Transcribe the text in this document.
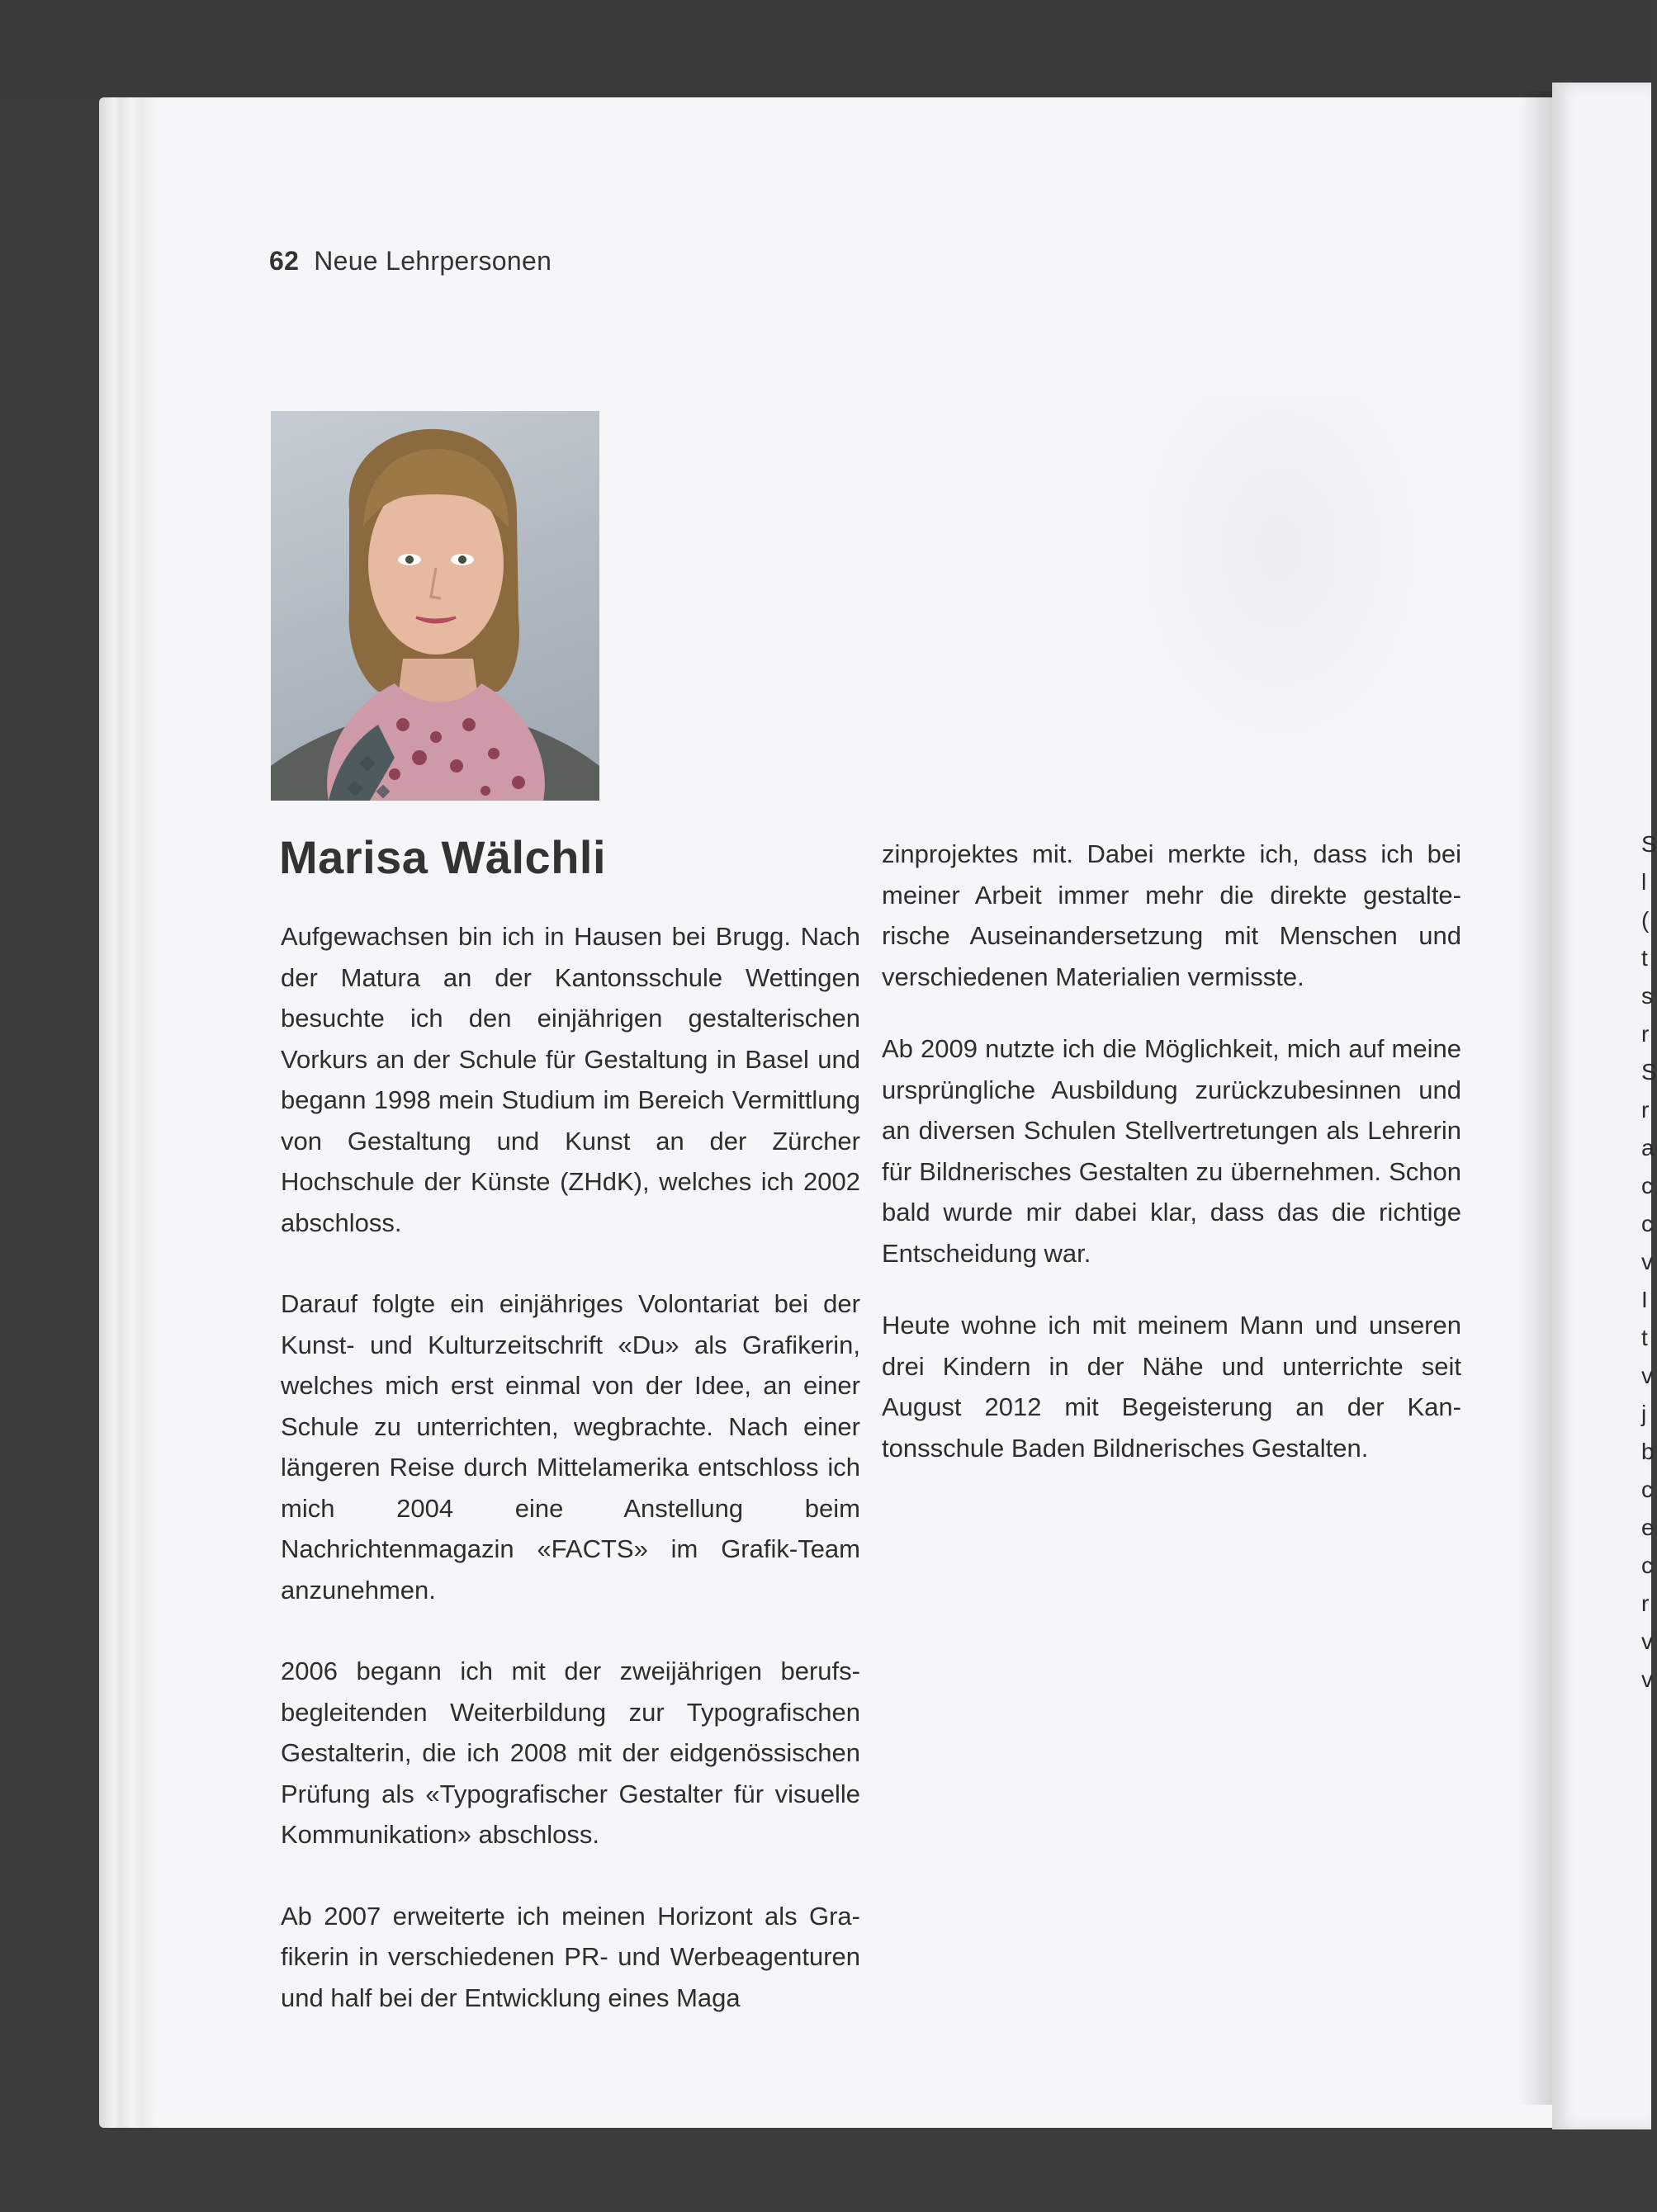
S
l
(
t
s
r
S
r
a
c
c
v
I
t
v
j
b
c
e
c
r
v
v
62 Neue Lehrpersonen
Marisa Wälchli

Aufgewachsen bin ich in Hausen bei Brugg. Nach der Matura an der Kantonsschule Wettingen besuchte ich den einjährigen gestalterischen Vorkurs an der Schule für Gestaltung in Basel und begann 1998 mein Studium im Bereich Vermittlung von Gestaltung und Kunst an der Zürcher Hochschule der Künste (ZHdK), welches ich 2002 abschloss.

Darauf folgte ein einjähriges Volontariat bei der Kunst- und Kulturzeitschrift «Du» als Grafikerin, welches mich erst einmal von der Idee, an einer Schule zu unterrichten, wegbrachte. Nach einer längeren Reise durch Mittelamerika entschloss ich mich 2004 eine Anstellung beim Nachrichtenmagazin «FACTS» im Grafik-Team anzunehmen.

2006 begann ich mit der zweijährigen berufsbegleitenden Weiterbildung zur Typografischen Gestalterin, die ich 2008 mit der eidgenössischen Prüfung als «Typografischer Gestalter für visuelle Kommunikation» abschloss.

Ab 2007 erweiterte ich meinen Horizont als Grafikerin in verschiedenen PR- und Werbeagenturen und half bei der Entwicklung eines Maga

zinprojektes mit. Dabei merkte ich, dass ich bei meiner Arbeit immer mehr die direkte gestalterische Auseinandersetzung mit Menschen und verschiedenen Materialien vermisste.

Ab 2009 nutzte ich die Möglichkeit, mich auf meine ursprüngliche Ausbildung zurückzubesinnen und an diversen Schulen Stellvertretungen als Lehrerin für Bildnerisches Gestalten zu übernehmen. Schon bald wurde mir dabei klar, dass das die richtige Entscheidung war.

Heute wohne ich mit meinem Mann und unseren drei Kindern in der Nähe und unterrichte seit August 2012 mit Begeisterung an der Kantonsschule Baden Bildnerisches Gestalten.
